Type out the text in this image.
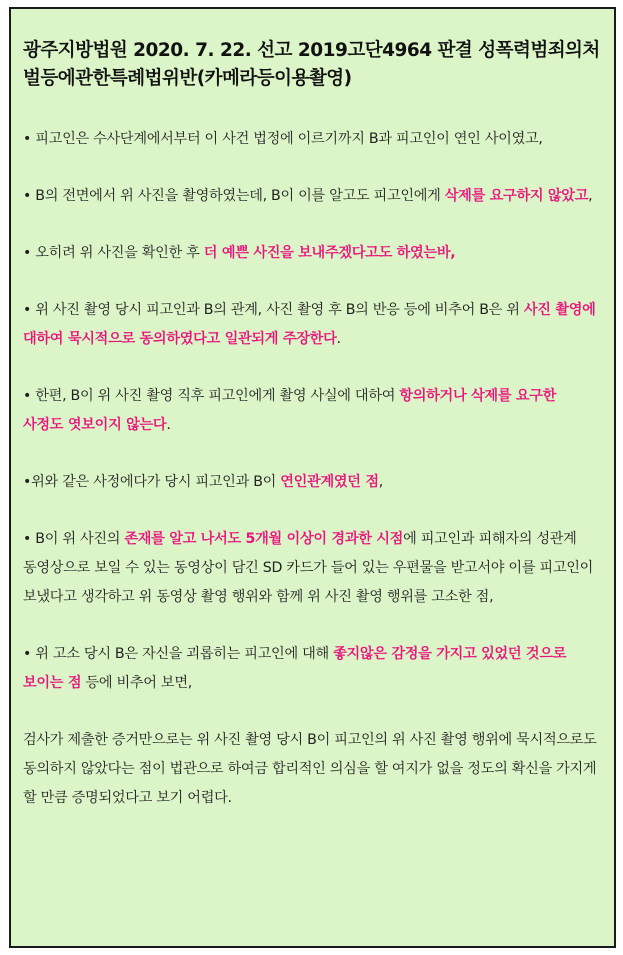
광주지방법원 2020. 7. 22. 선고 2019고단4964 판결 성폭력범죄의처벌등에관한특례법위반(카메라등이용촬영)
• 피고인은 수사단계에서부터 이 사건 법정에 이르기까지 B과 피고인이 연인 사이였고,
• B의 전면에서 위 사진을 촬영하였는데, B이 이를 알고도 피고인에게 삭제를 요구하지 않았고,
• 오히려 위 사진을 확인한 후 더 예쁜 사진을 보내주겠다고도 하였는바,
• 위 사진 촬영 당시 피고인과 B의 관계, 사진 촬영 후 B의 반응 등에 비추어 B은 위 사진 촬영에 대하여 묵시적으로 동의하였다고 일관되게 주장한다.
• 한편, B이 위 사진 촬영 직후 피고인에게 촬영 사실에 대하여 항의하거나 삭제를 요구한 사정도 엿보이지 않는다.
•위와 같은 사정에다가 당시 피고인과 B이 연인관계였던 점,
• B이 위 사진의 존재를 알고 나서도 5개월 이상이 경과한 시점에 피고인과 피해자의 성관계 동영상으로 보일 수 있는 동영상이 담긴 SD 카드가 들어 있는 우편물을 받고서야 이를 피고인이 보냈다고 생각하고 위 동영상 촬영 행위와 함께 위 사진 촬영 행위를 고소한 점,
• 위 고소 당시 B은 자신을 괴롭히는 피고인에 대해 좋지않은 감정을 가지고 있었던 것으로 보이는 점 등에 비추어 보면,
검사가 제출한 증거만으로는 위 사진 촬영 당시 B이 피고인의 위 사진 촬영 행위에 묵시적으로도 동의하지 않았다는 점이 법관으로 하여금 합리적인 의심을 할 여지가 없을 정도의 확신을 가지게 할 만큼 증명되었다고 보기 어렵다.
